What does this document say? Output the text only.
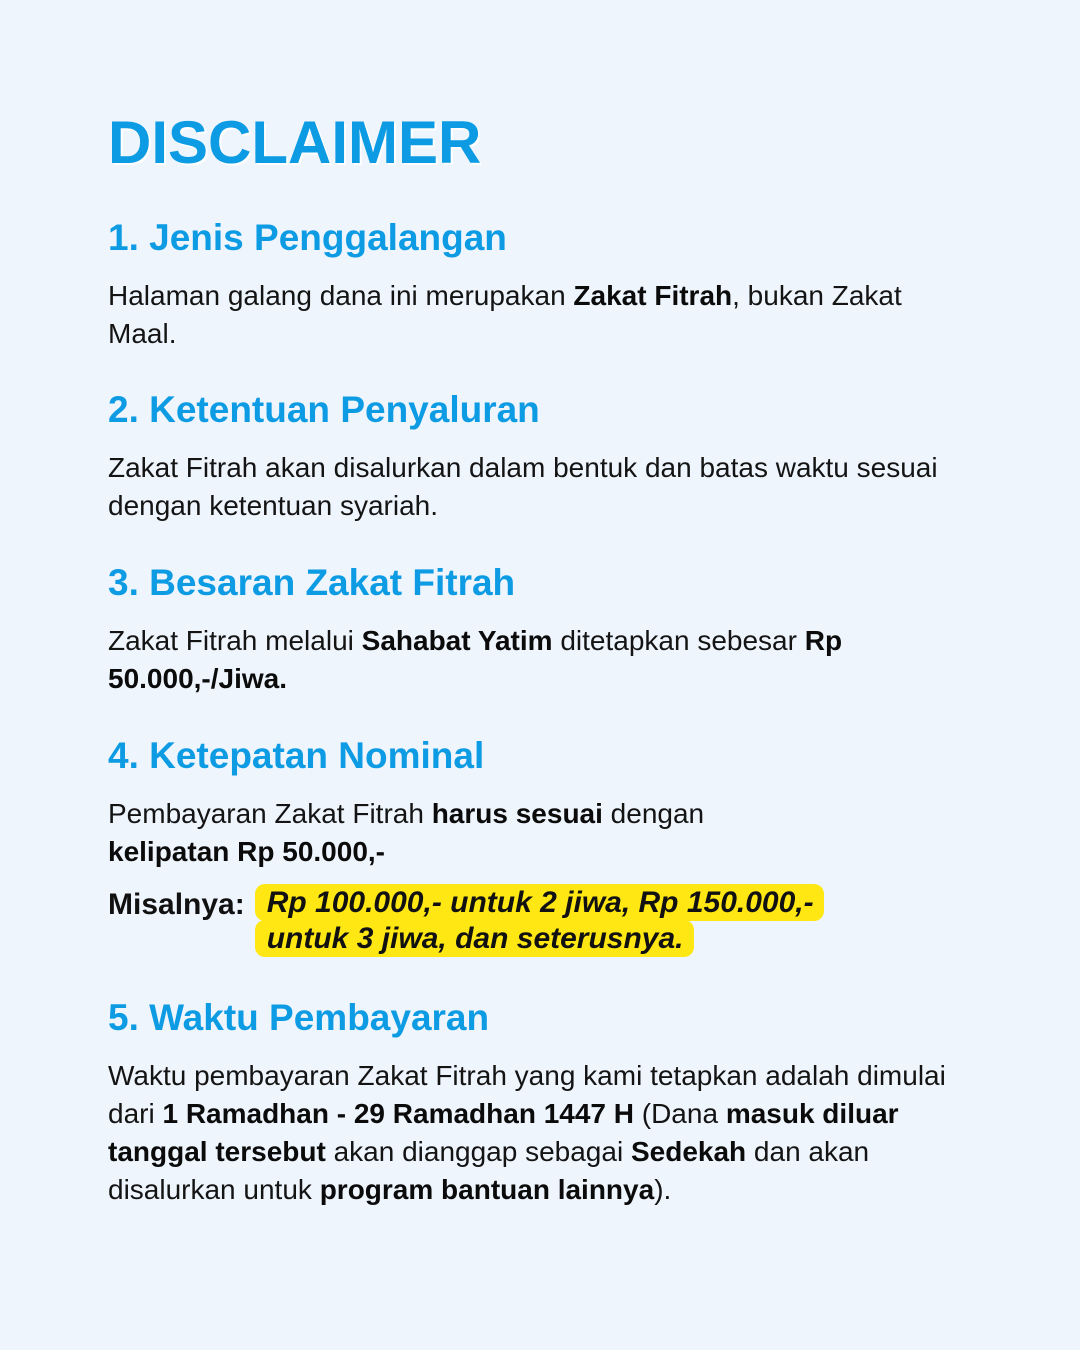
DISCLAIMER
1. Jenis Penggalangan

Halaman galang dana ini merupakan Zakat Fitrah, bukan Zakat Maal.

2. Ketentuan Penyaluran

Zakat Fitrah akan disalurkan dalam bentuk dan batas waktu sesuai dengan ketentuan syariah.

3. Besaran Zakat Fitrah

Zakat Fitrah melalui Sahabat Yatim ditetapkan sebesar Rp 50.000,-/Jiwa.

4. Ketepatan Nominal

Pembayaran Zakat Fitrah harus sesuai dengan
kelipatan Rp 50.000,-

Misalnya: Rp 100.000,- untuk 2 jiwa, Rp 150.000,- untuk 3 jiwa, dan seterusnya.
5. Waktu Pembayaran

Waktu pembayaran Zakat Fitrah yang kami tetapkan adalah dimulai dari 1 Ramadhan - 29 Ramadhan 1447 H (Dana masuk diluar tanggal tersebut akan dianggap sebagai Sedekah dan akan disalurkan untuk program bantuan lainnya).
